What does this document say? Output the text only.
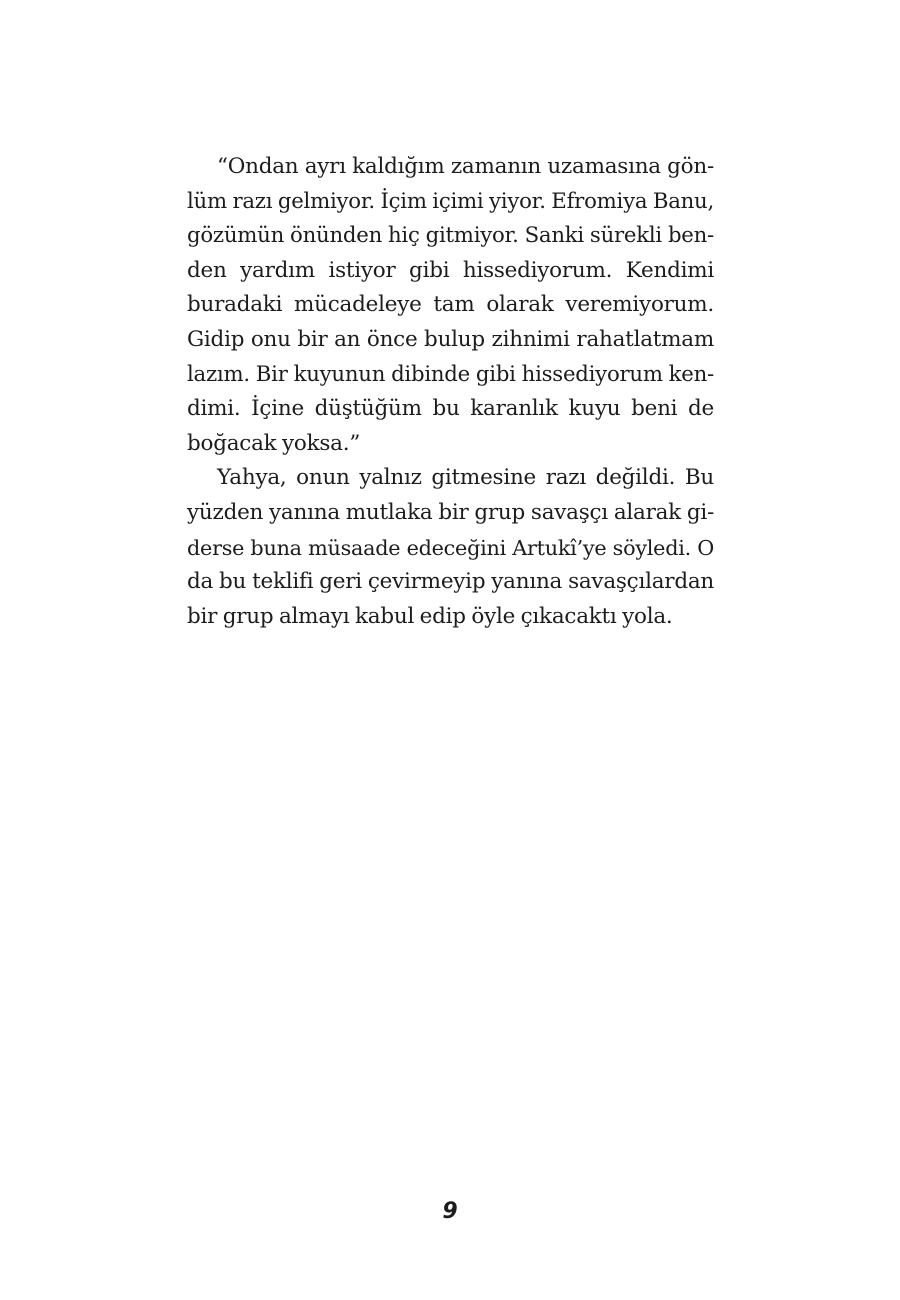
“Ondan ayrı kaldığım zamanın uzamasına gön-
lüm razı gelmiyor. İçim içimi yiyor. Efromiya Banu,
gözümün önünden hiç gitmiyor. Sanki sürekli ben-
den yardım istiyor gibi hissediyorum. Kendimi
buradaki mücadeleye tam olarak veremiyorum.
Gidip onu bir an önce bulup zihnimi rahatlatmam
lazım. Bir kuyunun dibinde gibi hissediyorum ken-
dimi. İçine düştüğüm bu karanlık kuyu beni de
boğacak yoksa.”
Yahya, onun yalnız gitmesine razı değildi. Bu
yüzden yanına mutlaka bir grup savaşçı alarak gi-
derse buna müsaade edeceğini Artukî’ye söyledi. O
da bu teklifi geri çevirmeyip yanına savaşçılardan
bir grup almayı kabul edip öyle çıkacaktı yola.
9
